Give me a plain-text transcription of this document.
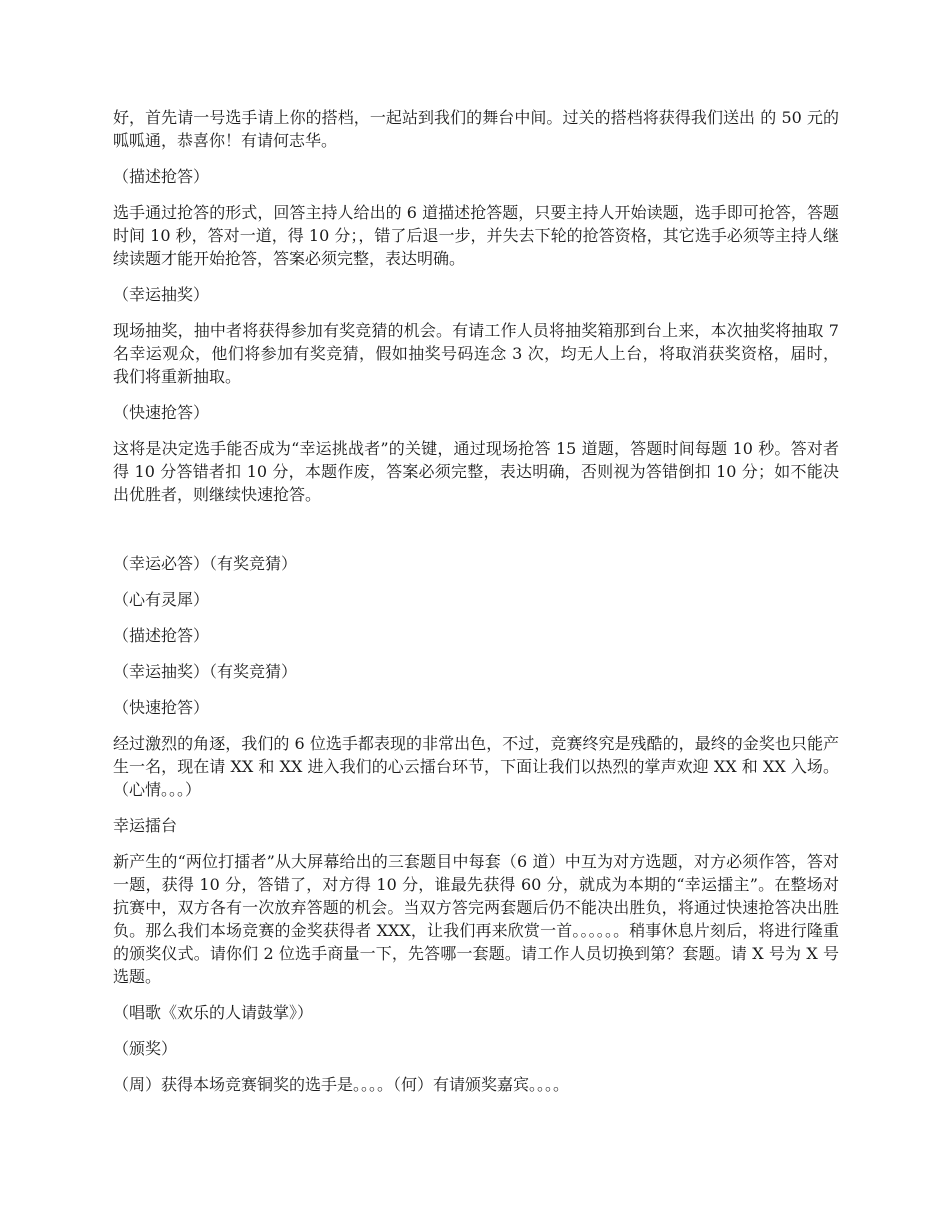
好，首先请一号选手请上你的搭档，一起站到我们的舞台中间。过关的搭档将获得我们送出 的 50 元的呱呱通，恭喜你！有请何志华。

（描述抢答）

选手通过抢答的形式，回答主持人给出的 6 道描述抢答题，只要主持人开始读题，选手即可抢答，答题时间 10 秒，答对一道，得 10 分；，错了后退一步，并失去下轮的抢答资格，其它选手必须等主持人继续读题才能开始抢答，答案必须完整，表达明确。

（幸运抽奖）

现场抽奖，抽中者将获得参加有奖竞猜的机会。有请工作人员将抽奖箱那到台上来，本次抽奖将抽取 7 名幸运观众，他们将参加有奖竞猜，假如抽奖号码连念 3 次，均无人上台，将取消获奖资格，届时， 我们将重新抽取。

（快速抢答）

这将是决定选手能否成为“幸运挑战者”的关键，通过现场抢答 15 道题，答题时间每题 10 秒。答对者得 10 分答错者扣 10 分，本题作废，答案必须完整，表达明确，否则视为答错倒扣 10 分；如不能决出优胜者，则继续快速抢答。

（幸运必答）（有奖竞猜）

（心有灵犀）

（描述抢答）

（幸运抽奖）（有奖竞猜）

（快速抢答）

经过激烈的角逐，我们的 6 位选手都表现的非常出色，不过，竞赛终究是残酷的，最终的金奖也只能产生一名，现在请 XX 和 XX 进入我们的心云擂台环节，下面让我们以热烈的掌声欢迎 XX 和 XX 入场。（心情。。。）

幸运擂台

新产生的“两位打擂者”从大屏幕给出的三套题目中每套（6 道）中互为对方选题，对方必须作答，答对一题，获得 10 分，答错了，对方得 10 分，谁最先获得 60 分，就成为本期的“幸运擂主”。在整场对抗赛中，双方各有一次放弃答题的机会。当双方答完两套题后仍不能决出胜负，将通过快速抢答决出胜负。那么我们本场竞赛的金奖获得者 XXX，让我们再来欣赏一首。。。。。。稍事休息片刻后，将进行隆重的颁奖仪式。请你们 2 位选手商量一下，先答哪一套题。请工作人员切换到第？套题。请 X 号为 X 号选题。

（唱歌《欢乐的人请鼓掌》）

（颁奖）

（周）获得本场竞赛铜奖的选手是。。。。（何）有请颁奖嘉宾。。。。
